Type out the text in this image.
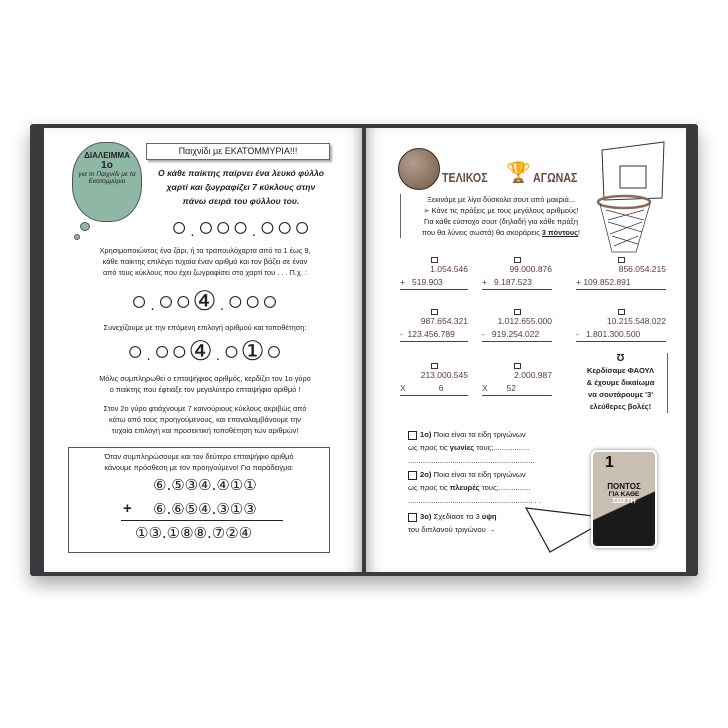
ΔΙΑΛΕΙΜΜΑ
1ο
για το Παιχνίδι με τα Εκατομμύρια
Παιχνίδι με ΕΚΑΤΟΜΜΥΡΙΑ!!!
Ο κάθε παίκτης παίρνει ένα λευκό φύλλο
χαρτί και ζωγραφίζει 7 κύκλους στην
πάνω σειρά του φύλλου του.
○.○○○.○○○
Χρησιμοποιώντας ένα ζάρι, ή τα τραπουλόχαρτα από το 1 έως 9,
κάθε παίκτης επιλέγει τυχαία έναν αριθμό και τον βάζει σε έναν
από τους κύκλους που έχει ζωγραφίσει στο χαρτί του . . . Π.χ. :
○.○○④.○○○
Συνεχίζουμε με την επόμενη επιλογή αριθμού και τοποθέτηση:
○.○○④.○①○
Μόλις συμπληρωθεί ο επταψήφιος αριθμός, κερδίζει τον 1ο γύρο
ο παίκτης που έφτιαξε τον μεγαλύτερο επταψήφιο αριθμό !
Στον 2ο γύρο φτιάχνουμε 7 καινούριους κύκλους ακριβώς από
κάτω από τους προηγούμενους, και επαναλαμβάνουμε την
τυχαία επιλογή και προσεκτική τοποθέτηση των αριθμών!
Όταν συμπληρώσουμε και τον δεύτερο επταψήφιο αριθμό
κάνουμε πρόσθεση με τον προηγούμενο! Για παράδειγμα:
⑥.⑤③④.④①①
+ ⑥.⑥⑤④.③①③
①③.①⑧⑧.⑦②④
ΤΕΛΙΚΟΣ 🏆 ΑΓΩΝΑΣ
Ξεκινάμε με λίγα δύσκολα σουτ από μακριά...
➢ Κάνε τις πράξεις με τους μεγάλους αριθμούς!
Για κάθε εύστοχο σουτ (δηλαδή για κάθε πράξη
που θα λύνεις σωστά) θα σκοράρεις 3 πόντους!
1.054.546
+   519.903
99.000.876
+   9.187.523
856.054.215
+ 109.852.891
987.654.321
-  123.456.789
1.012.655.000
-   919.254.022
10.215.548.022
-   1.801.300.500
213.000.545
X              6
2.000.987
X        52
Ʊ
Κερδίσαμε ΦΑΟΥΛ
& έχουμε δικαίωμα
να σουτάρουμε '3'
ελεύθερες βολές!
1ο) Ποια είναι τα είδη τριγώνων
ως προς τις γωνίες τους;.................
............................................................
2ο) Ποια είναι τα είδη τριγώνων
ως προς τις πλευρές τους;...............
........................................................... . .
3ο) Σχεδίασε τα 3 ύψη
του διπλανού τριγώνου →
1
ΠΟΝΤΟΣ
ΓΙΑ ΚΑΘΕ
ΣΩΣΤΗ
